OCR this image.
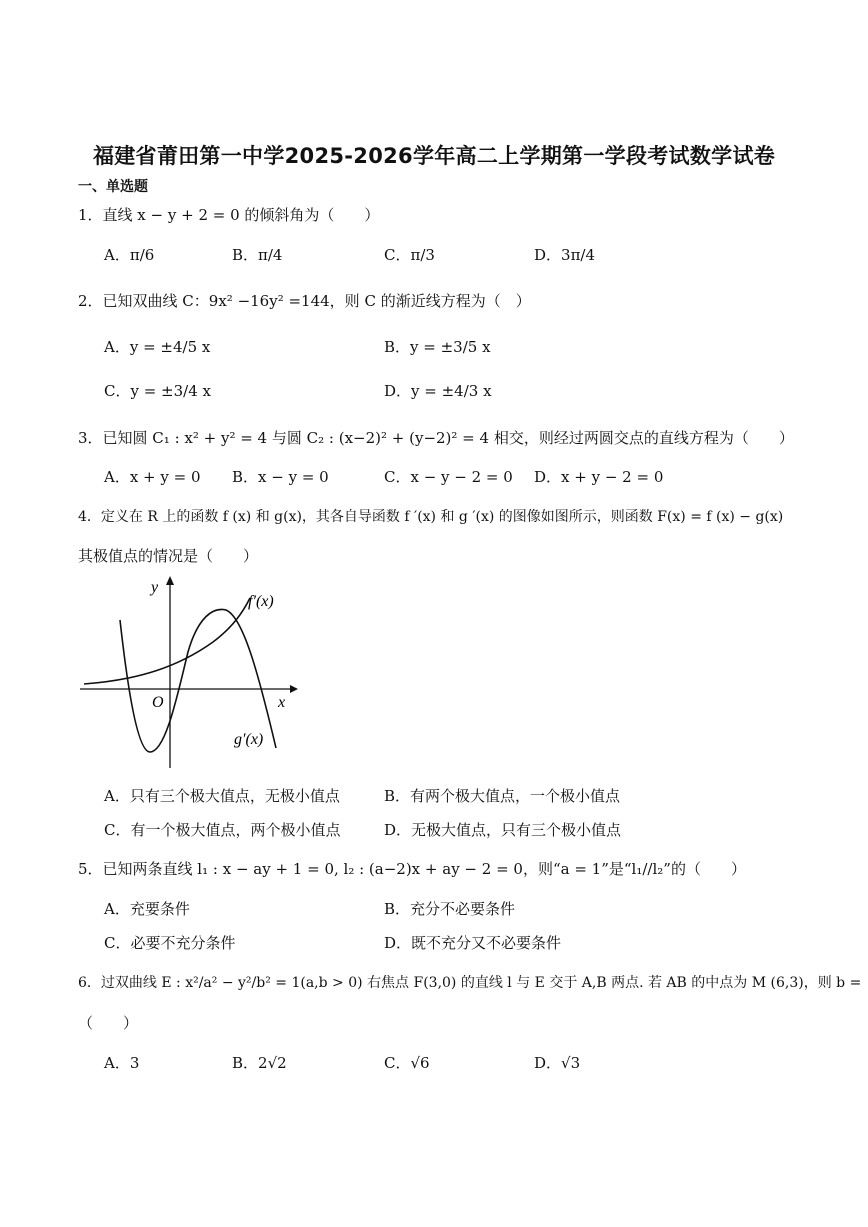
福建省莆田第一中学2025-2026学年高二上学期第一学段考试数学试卷
一、单选题
1．直线 x − y + 2 = 0 的倾斜角为（　　）
A．π/6	B．π/4	C．π/3	D．3π/4
2．已知双曲线 C：9x² −16y² =144，则 C 的渐近线方程为（　）
A．y = ±4/5 x	B．y = ±3/5 x
C．y = ±3/4 x	D．y = ±4/3 x
3．已知圆 C₁ : x² + y² = 4 与圆 C₂ : (x−2)² + (y−2)² = 4 相交，则经过两圆交点的直线方程为（　　）
A．x + y = 0 B．x − y = 0	C．x − y − 2 = 0 D．x + y − 2 = 0
4．定义在 R 上的函数 f (x) 和 g(x)，其各自导函数 f ′(x) 和 g ′(x) 的图像如图所示，则函数 F(x) = f (x) − g(x)
其极值点的情况是（　　）
y
x
O
f′(x)
g′(x)
A．只有三个极大值点，无极小值点	B．有两个极大值点，一个极小值点
C．有一个极大值点，两个极小值点	D．无极大值点，只有三个极小值点
5．已知两条直线 l₁ : x − ay + 1 = 0, l₂ : (a−2)x + ay − 2 = 0，则“a = 1”是“l₁//l₂”的（　　）
A．充要条件	B．充分不必要条件
C．必要不充分条件	D．既不充分又不必要条件
6．过双曲线 E : x²/a² − y²/b² = 1(a,b > 0) 右焦点 F(3,0) 的直线 l 与 E 交于 A,B 两点. 若 AB 的中点为 M (6,3)，则 b =
（　　）
A．3	B．2√2	C．√6	D．√3
